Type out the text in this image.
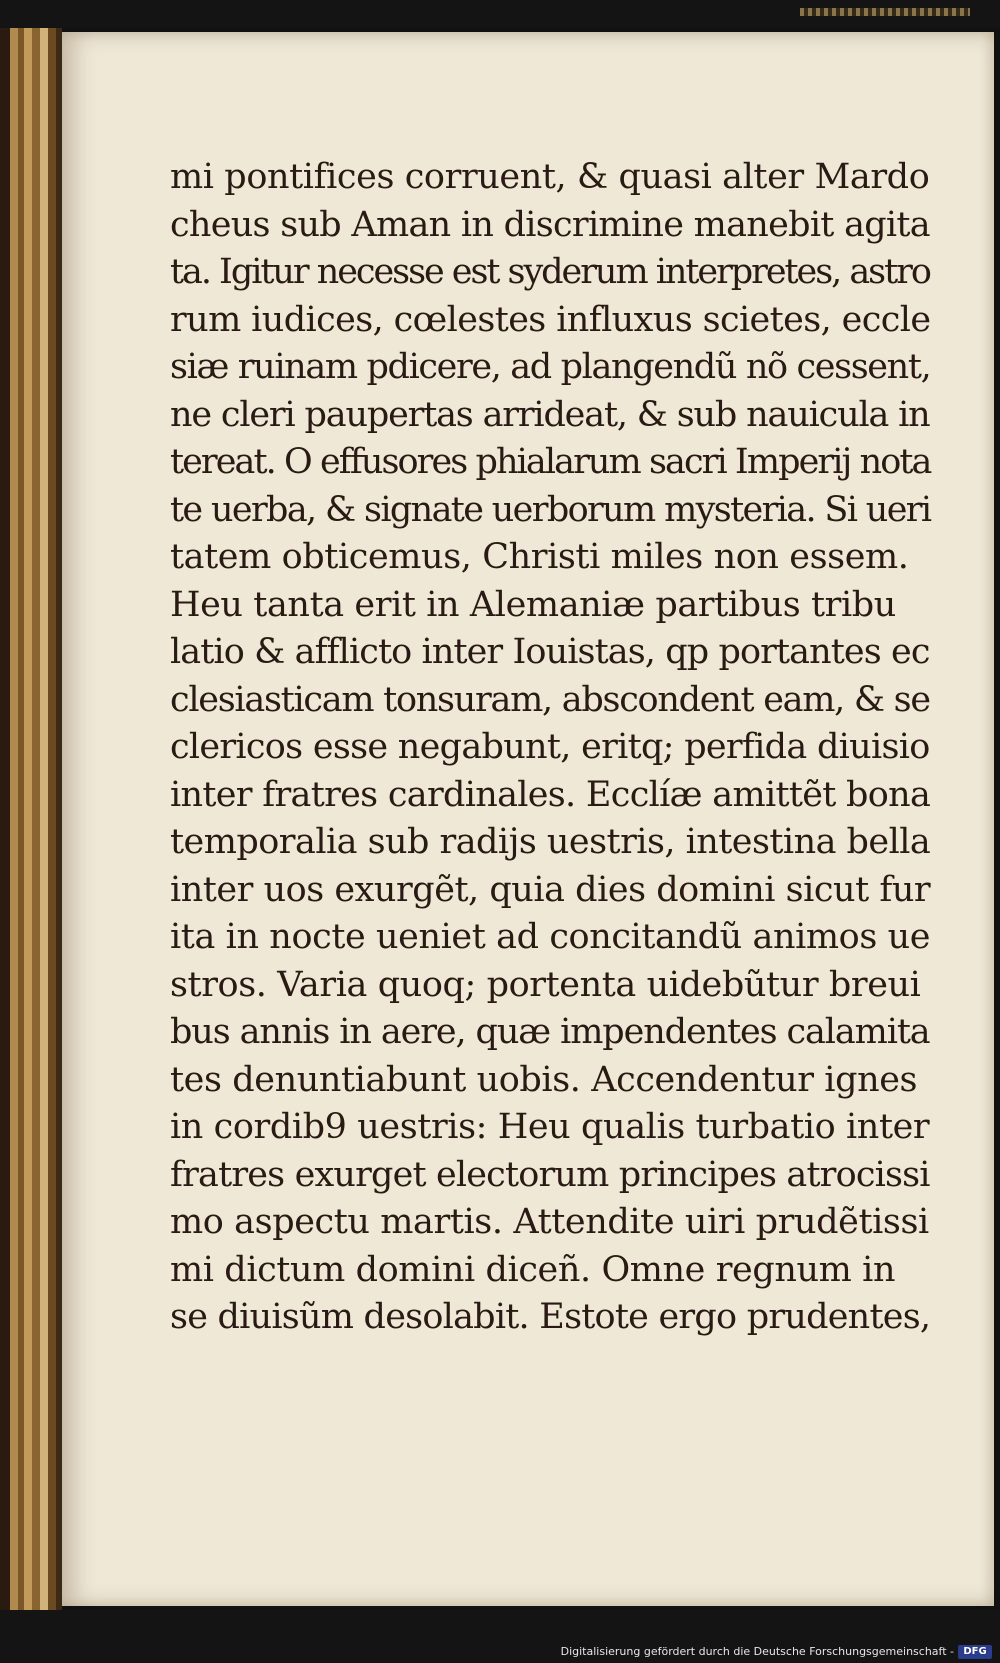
mi pontifices corruent, & quasi alter Mardo

cheus sub Aman in discrimine manebit agita

ta. Igitur necesse est syderum interpretes, astro

rum iudices, cœlestes influxus scietes, eccle

siæ ruinam pdicere, ad plangendũ nõ cessent,

ne cleri paupertas arrideat, & sub nauicula in

tereat. O effusores phialarum sacri Imperij nota

te uerba, & signate uerborum mysteria. Si ueri

tatem obticemus, Christi miles non essem.

Heu tanta erit in Alemaniæ partibus tribu

latio & afflicto inter Iouistas, qp portantes ec

clesiasticam tonsuram, abscondent eam, & se

clericos esse negabunt, eritq; perfida diuisio

inter fratres cardinales. Ecclíæ amittẽt bona

temporalia sub radijs uestris, intestina bella

inter uos exurgẽt, quia dies domini sicut fur

ita in nocte ueniet ad concitandũ animos ue

stros. Varia quoq; portenta uidebũtur breui

bus annis in aere, quæ impendentes calamita

tes denuntiabunt uobis. Accendentur ignes

in cordib9 uestris: Heu qualis turbatio inter

fratres exurget electorum principes atrocissi

mo aspectu martis. Attendite uiri prudẽtissi

mi dictum domini diceñ. Omne regnum in

se diuisũm desolabit. Estote ergo prudentes,

Digitalisierung gefördert durch die Deutsche Forschungsgemeinschaft - DFG
